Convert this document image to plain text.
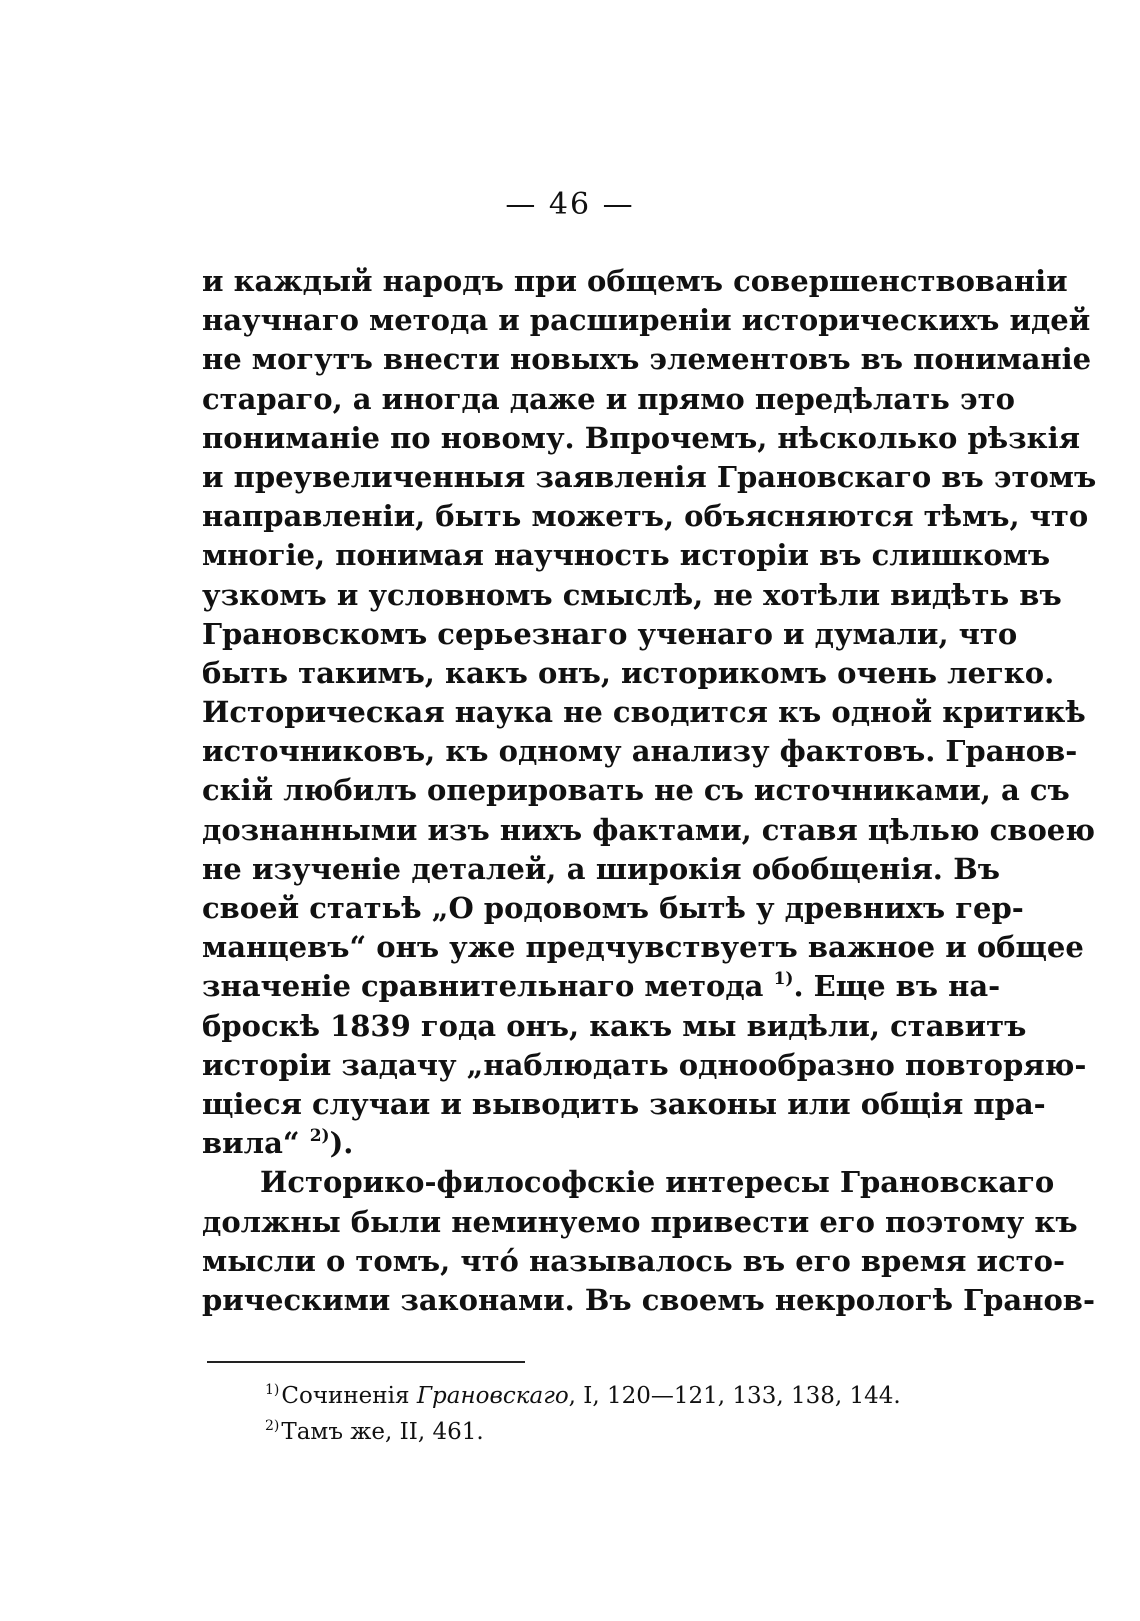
— 46 —
и каждый народъ при общемъ совершенствованіи
научнаго метода и расширеніи историческихъ идей
не могутъ внести новыхъ элементовъ въ пониманіе
стараго, а иногда даже и прямо передѣлать это
пониманіе по новому. Впрочемъ, нѣсколько рѣзкія
и преувеличенныя заявленія Грановскаго въ этомъ
направленіи, быть можетъ, объясняются тѣмъ, что
многіе, понимая научность исторіи въ слишкомъ
узкомъ и условномъ смыслѣ, не хотѣли видѣть въ
Грановскомъ серьезнаго ученаго и думали, что
быть такимъ, какъ онъ, историкомъ очень легко.
Историческая наука не сводится къ одной критикѣ
источниковъ, къ одному анализу фактовъ. Гранов-
скій любилъ оперировать не съ источниками, а съ
дознанными изъ нихъ фактами, ставя цѣлью своею
не изученіе деталей, а широкія обобщенія. Въ
своей статьѣ „О родовомъ бытѣ у древнихъ гер-
манцевъ“ онъ уже предчувствуетъ важное и общее
значеніе сравнительнаго метода $^{1)}$. Еще въ на-
броскѣ 1839 года онъ, какъ мы видѣли, ставитъ
исторіи задачу „наблюдать однообразно повторяю-
щіеся случаи и выводить законы или общія пра-
вила“ $^{2)}$).
Историко-философскіе интересы Грановскаго
должны были неминуемо привести его поэтому къ
мысли о томъ, чтó называлось въ его время исто-
рическими законами. Въ своемъ некрологѣ Гранов-
$^{1)}$Сочиненія Грановскаго, I, 120—121, 133, 138, 144.
$^{2)}$Тамъ же, II, 461.
